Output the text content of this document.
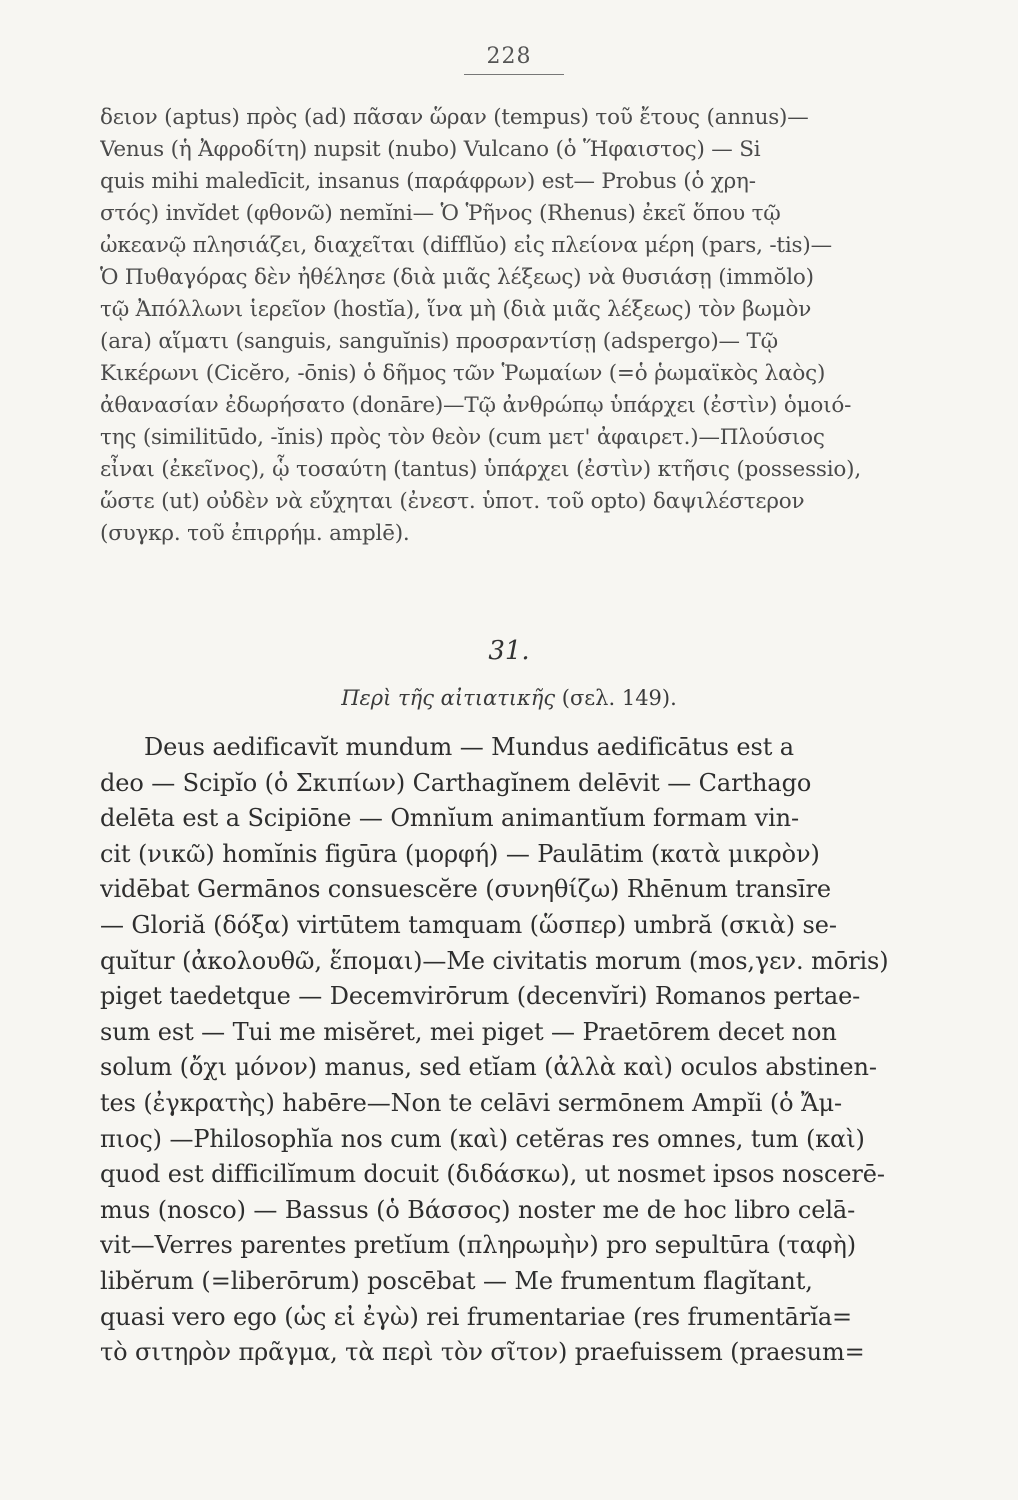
228
δειον (aptus) πρὸς (ad) πᾶσαν ὥραν (tempus) τοῦ ἔτους (annus)—
Venus (ἡ Ἀφροδίτη) nupsit (nubo) Vulcano (ὁ Ἥφαιστος) — Si
quis mihi maledīcit, insanus (παράφρων) est— Probus (ὁ χρη-
στός) invĭdet (φθονῶ) nemĭni— Ὁ Ῥῆνος (Rhenus) ἐκεῖ ὅπου τῷ
ὠκεανῷ πλησιάζει, διαχεῖται (difflŭo) εἰς πλείονα μέρη (pars, -tis)—
Ὁ Πυθαγόρας δὲν ἠθέλησε (διὰ μιᾶς λέξεως) νὰ θυσιάσῃ (immŏlo)
τῷ Ἀπόλλωνι ἱερεῖον (hostĭa), ἵνα μὴ (διὰ μιᾶς λέξεως) τὸν βωμὸν
(ara) αἵματι (sanguis, sanguĭnis) προσραντίσῃ (adspergo)— Τῷ
Κικέρωνι (Cicĕro, -ōnis) ὁ δῆμος τῶν Ῥωμαίων (=ὁ ῥωμαϊκὸς λαὸς)
ἀθανασίαν ἐδωρήσατο (donāre)—Τῷ ἀνθρώπῳ ὑπάρχει (ἐστὶν) ὁμοιό-
της (similitūdo, -ĭnis) πρὸς τὸν θεὸν (cum μετ' ἀφαιρετ.)—Πλούσιος
εἶναι (ἐκεῖνος), ᾧ τοσαύτη (tantus) ὑπάρχει (ἐστὶν) κτῆσις (possessio),
ὥστε (ut) οὐδὲν νὰ εὔχηται (ἐνεστ. ὑποτ. τοῦ opto) δαψιλέστερον
(συγκρ. τοῦ ἐπιρρήμ. amplē).
31.
Περὶ τῆς αἰτιατικῆς (σελ. 149).
Deus aedificavĭt mundum — Mundus aedificātus est a
deo — Scipĭo (ὁ Σκιπίων) Carthagĭnem delēvit — Carthago
delēta est a Scipiōne — Omnĭum animantĭum formam vin-
cit (νικῶ) homĭnis figūra (μορφή) — Paulātim (κατὰ μικρὸν)
vidēbat Germānos consuescĕre (συνηθίζω) Rhēnum transīre
— Gloriă (δόξα) virtūtem tamquam (ὥσπερ) umbră (σκιὰ) se-
quĭtur (ἀκολουθῶ, ἕπομαι)—Me civitatis morum (mos,γεν. mōris)
piget taedetque — Decemvirōrum (decenvĭri) Romanos pertae-
sum est — Tui me misĕret, mei piget — Praetōrem decet non
solum (ὄχι μόνον) manus, sed etĭam (ἀλλὰ καὶ) oculos abstinen-
tes (ἐγκρατὴς) habēre—Non te celāvi sermōnem Ampĭi (ὁ Ἄμ-
πιος) —Philosophĭa nos cum (καὶ) cetĕras res omnes, tum (καὶ)
quod est difficilĭmum docuit (διδάσκω), ut nosmet ipsos noscerē-
mus (nosco) — Bassus (ὁ Βάσσος) noster me de hoc libro celā-
vit—Verres parentes pretĭum (πληρωμὴν) pro sepultūra (ταφὴ)
libĕrum (=liberōrum) poscēbat — Me frumentum flagĭtant,
quasi vero ego (ὡς εἰ ἐγὼ) rei frumentariae (res frumentārĭa=
τὸ σιτηρὸν πρᾶγμα, τὰ περὶ τὸν σῖτον) praefuissem (praesum=
